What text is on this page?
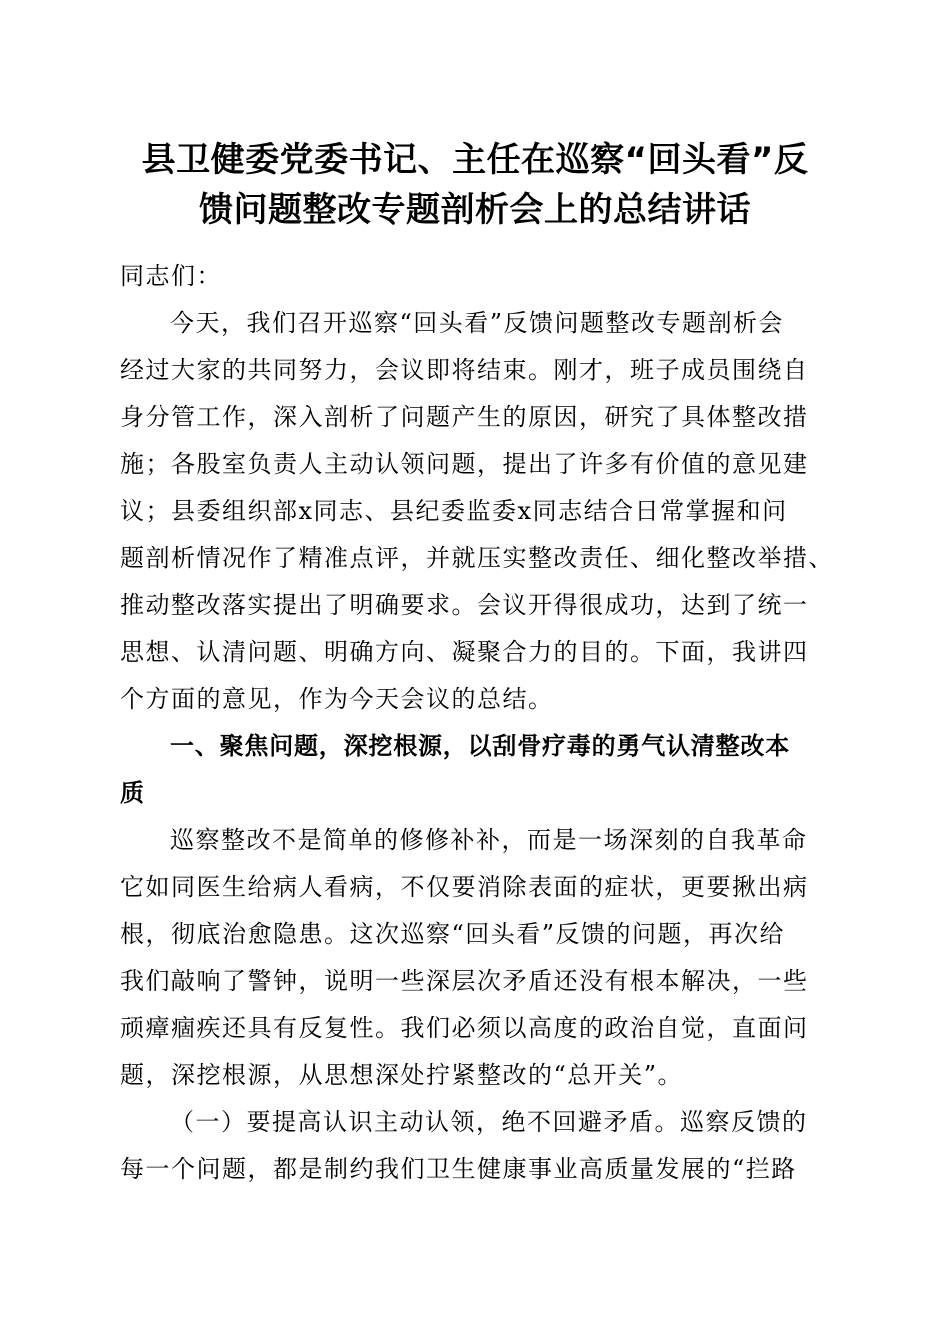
县卫健委党委书记、主任在巡察“回头看”反
馈问题整改专题剖析会上的总结讲话
同志们：
今天，我们召开巡察“回头看”反馈问题整改专题剖析会
经过大家的共同努力，会议即将结束。刚才，班子成员围绕自
身分管工作，深入剖析了问题产生的原因，研究了具体整改措
施；各股室负责人主动认领问题，提出了许多有价值的意见建
议；县委组织部x同志、县纪委监委x同志结合日常掌握和问
题剖析情况作了精准点评，并就压实整改责任、细化整改举措、
推动整改落实提出了明确要求。会议开得很成功，达到了统一
思想、认清问题、明确方向、凝聚合力的目的。下面，我讲四
个方面的意见，作为今天会议的总结。
一、聚焦问题，深挖根源，以刮骨疗毒的勇气认清整改本
质
巡察整改不是简单的修修补补，而是一场深刻的自我革命
它如同医生给病人看病，不仅要消除表面的症状，更要揪出病
根，彻底治愈隐患。这次巡察“回头看”反馈的问题，再次给
我们敲响了警钟，说明一些深层次矛盾还没有根本解决，一些
顽瘴痼疾还具有反复性。我们必须以高度的政治自觉，直面问
题，深挖根源，从思想深处拧紧整改的“总开关”。
（一）要提高认识主动认领，绝不回避矛盾。巡察反馈的
每一个问题，都是制约我们卫生健康事业高质量发展的“拦路
